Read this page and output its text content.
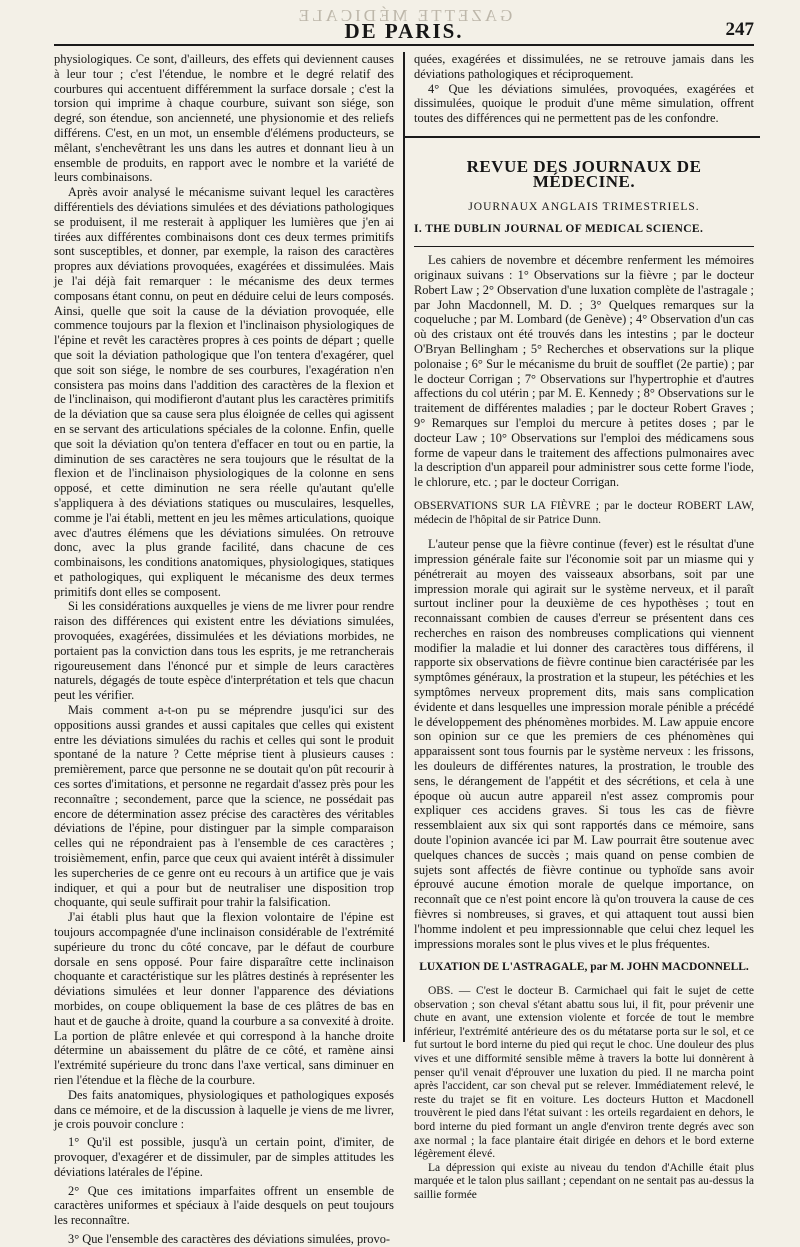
GAZETTE MÉDICALE
DE PARIS.	247

physiologiques. Ce sont, d'ailleurs, des effets qui deviennent causes à leur tour ; c'est l'étendue, le nombre et le degré relatif des courbures qui accentuent différemment la surface dorsale ; c'est la torsion qui imprime à chaque courbure, suivant son siége, son degré, son étendue, son ancienneté, une physionomie et des reliefs différens. C'est, en un mot, un ensemble d'élémens producteurs, se mêlant, s'enchevêtrant les uns dans les autres et donnant lieu à un ensemble de produits, en rapport avec le nombre et la variété de leurs combinaisons.

Après avoir analysé le mécanisme suivant lequel les caractères différentiels des déviations simulées et des déviations pathologiques se produisent, il me resterait à appliquer les lumières que j'en ai tirées aux différentes combinaisons dont ces deux termes primitifs sont susceptibles, et donner, par exemple, la raison des caractères propres aux déviations provoquées, exagérées et dissimulées. Mais je l'ai déjà fait remarquer : le mécanisme des deux termes composans étant connu, on peut en déduire celui de leurs composés. Ainsi, quelle que soit la cause de la déviation provoquée, elle commence toujours par la flexion et l'inclinaison physiologiques de l'épine et revêt les caractères propres à ces points de départ ; quelle que soit la déviation pathologique que l'on tentera d'exagérer, quel que soit son siége, le nombre de ses courbures, l'exagération n'en consistera pas moins dans l'addition des caractères de la flexion et de l'inclinaison, qui modifieront d'autant plus les caractères primitifs de la déviation que sa cause sera plus éloignée de celles qui agissent en se servant des articulations spéciales de la colonne. Enfin, quelle que soit la déviation qu'on tentera d'effacer en tout ou en partie, la diminution de ses caractères ne sera toujours que le résultat de la flexion et de l'inclinaison physiologiques de la colonne en sens opposé, et cette diminution ne sera réelle qu'autant qu'elle s'appliquera à des déviations statiques ou musculaires, lesquelles, comme je l'ai établi, mettent en jeu les mêmes articulations, quoique avec d'autres élémens que les déviations simulées. On retrouve donc, avec la plus grande facilité, dans chacune de ces combinaisons, les conditions anatomiques, physiologiques, statiques et pathologiques, qui expliquent le mécanisme des deux termes primitifs dont elles se composent.

Si les considérations auxquelles je viens de me livrer pour rendre raison des différences qui existent entre les déviations simulées, provoquées, exagérées, dissimulées et les déviations morbides, ne portaient pas la conviction dans tous les esprits, je me retrancherais rigoureusement dans l'énoncé pur et simple de leurs caractères naturels, dégagés de toute espèce d'interprétation et tels que chacun peut les vérifier.

Mais comment a-t-on pu se méprendre jusqu'ici sur des oppositions aussi grandes et aussi capitales que celles qui existent entre les déviations simulées du rachis et celles qui sont le produit spontané de la nature ? Cette méprise tient à plusieurs causes : premièrement, parce que personne ne se doutait qu'on pût recourir à ces sortes d'imitations, et personne ne regardait d'assez près pour les reconnaître ; secondement, parce que la science, ne possédait pas encore de détermination assez précise des caractères des véritables déviations de l'épine, pour distinguer par la simple comparaison celles qui ne répondraient pas à l'ensemble de ces caractères ; troisièmement, enfin, parce que ceux qui avaient intérêt à dissimuler les supercheries de ce genre ont eu recours à un artifice que je vais indiquer, et qui a pour but de neutraliser une disposition trop choquante, qui seule suffirait pour trahir la falsification.

J'ai établi plus haut que la flexion volontaire de l'épine est toujours accompagnée d'une inclinaison considérable de l'extrémité supérieure du tronc du côté concave, par le défaut de courbure dorsale en sens opposé. Pour faire disparaître cette inclinaison choquante et caractéristique sur les plâtres destinés à représenter les déviations simulées et leur donner l'apparence des déviations morbides, on coupe obliquement la base de ces plâtres de bas en haut et de gauche à droite, quand la courbure a sa convexité à droite. La portion de plâtre enlevée et qui correspond à la hanche droite détermine un abaissement du plâtre de ce côté, et ramène ainsi l'extrémité supérieure du tronc dans l'axe vertical, sans diminuer en rien l'étendue et la flèche de la courbure.

Des faits anatomiques, physiologiques et pathologiques exposés dans ce mémoire, et de la discussion à laquelle je viens de me livrer, je crois pouvoir conclure :

1° Qu'il est possible, jusqu'à un certain point, d'imiter, de provoquer, d'exagérer et de dissimuler, par de simples attitudes les déviations latérales de l'épine.
2° Que ces imitations imparfaites offrent un ensemble de caractères uniformes et spéciaux à l'aide desquels on peut toujours les reconnaître.
3° Que l'ensemble des caractères des déviations simulées, provo-

quées, exagérées et dissimulées, ne se retrouve jamais dans les déviations pathologiques et réciproquement.

4° Que les déviations simulées, provoquées, exagérées et dissimulées, quoique le produit d'une même simulation, offrent toutes des différences qui ne permettent pas de les confondre.

REVUE DES JOURNAUX DE MÉDECINE.
JOURNAUX ANGLAIS TRIMESTRIELS.
I. THE DUBLIN JOURNAL OF MEDICAL SCIENCE.

Les cahiers de novembre et décembre renferment les mémoires originaux suivans : 1° Observations sur la fièvre ; par le docteur Robert Law ; 2° Observation d'une luxation complète de l'astragale ; par John Macdonnell, M. D. ; 3° Quelques remarques sur la coqueluche ; par M. Lombard (de Genève) ; 4° Observation d'un cas où des cristaux ont été trouvés dans les intestins ; par le docteur O'Bryan Bellingham ; 5° Recherches et observations sur la plique polonaise ; 6° Sur le mécanisme du bruit de soufflet (2e partie) ; par le docteur Corrigan ; 7° Observations sur l'hypertrophie et d'autres affections du col utérin ; par M. E. Kennedy ; 8° Observations sur le traitement de différentes maladies ; par le docteur Robert Graves ; 9° Remarques sur l'emploi du mercure à petites doses ; par le docteur Law ; 10° Observations sur l'emploi des médicamens sous forme de vapeur dans le traitement des affections pulmonaires avec la description d'un appareil pour administrer sous cette forme l'iode, le chlorure, etc. ; par le docteur Corrigan.

OBSERVATIONS SUR LA FIÈVRE ; par le docteur ROBERT LAW, médecin de l'hôpital de sir Patrice Dunn.

L'auteur pense que la fièvre continue (fever) est le résultat d'une impression générale faite sur l'économie soit par un miasme qui y pénétrerait au moyen des vaisseaux absorbans, soit par une impression morale qui agirait sur le système nerveux, et il paraît surtout incliner pour la deuxième de ces hypothèses ; tout en reconnaissant combien de causes d'erreur se présentent dans ces recherches en raison des nombreuses complications qui viennent modifier la maladie et lui donner des caractères tous différens, il rapporte six observations de fièvre continue bien caractérisée par les symptômes généraux, la prostration et la stupeur, les pétéchies et les symptômes nerveux proprement dits, mais sans complication évidente et dans lesquelles une impression morale pénible a précédé le développement des phénomènes morbides. M. Law appuie encore son opinion sur ce que les premiers de ces phénomènes qui apparaissent sont tous fournis par le système nerveux : les frissons, les douleurs de différentes natures, la prostration, le trouble des sens, le dérangement de l'appétit et des sécrétions, et cela à une époque où aucun autre appareil n'est assez compromis pour expliquer ces accidens graves. Si tous les cas de fièvre ressemblaient aux six qui sont rapportés dans ce mémoire, sans doute l'opinion avancée ici par M. Law pourrait être soutenue avec quelques chances de succès ; mais quand on pense combien de sujets sont affectés de fièvre continue ou typhoïde sans avoir éprouvé aucune émotion morale de quelque importance, on reconnaît que ce n'est point encore là qu'on trouvera la cause de ces fièvres si nombreuses, si graves, et qui attaquent tout aussi bien l'homme indolent et peu impressionnable que celui chez lequel les impressions morales sont le plus vives et le plus fréquentes.

LUXATION DE L'ASTRAGALE, par M. JOHN MACDONNELL.

OBS. — C'est le docteur B. Carmichael qui fait le sujet de cette observation ; son cheval s'étant abattu sous lui, il fit, pour prévenir une chute en avant, une extension violente et forcée de tout le membre inférieur, l'extrémité antérieure des os du métatarse porta sur le sol, et ce fut surtout le bord interne du pied qui reçut le choc. Une douleur des plus vives et une difformité sensible même à travers la botte lui donnèrent à penser qu'il venait d'éprouver une luxation du pied. Il ne marcha point après l'accident, car son cheval put se relever. Immédiatement relevé, le reste du trajet se fit en voiture. Les docteurs Hutton et Macdonell trouvèrent le pied dans l'état suivant : les orteils regardaient en dehors, le bord interne du pied formant un angle d'environ trente degrés avec son axe normal ; la face plantaire était dirigée en dehors et le bord externe légèrement élevé.

La dépression qui existe au niveau du tendon d'Achille était plus marquée et le talon plus saillant ; cependant on ne sentait pas au-dessus la saillie formée
